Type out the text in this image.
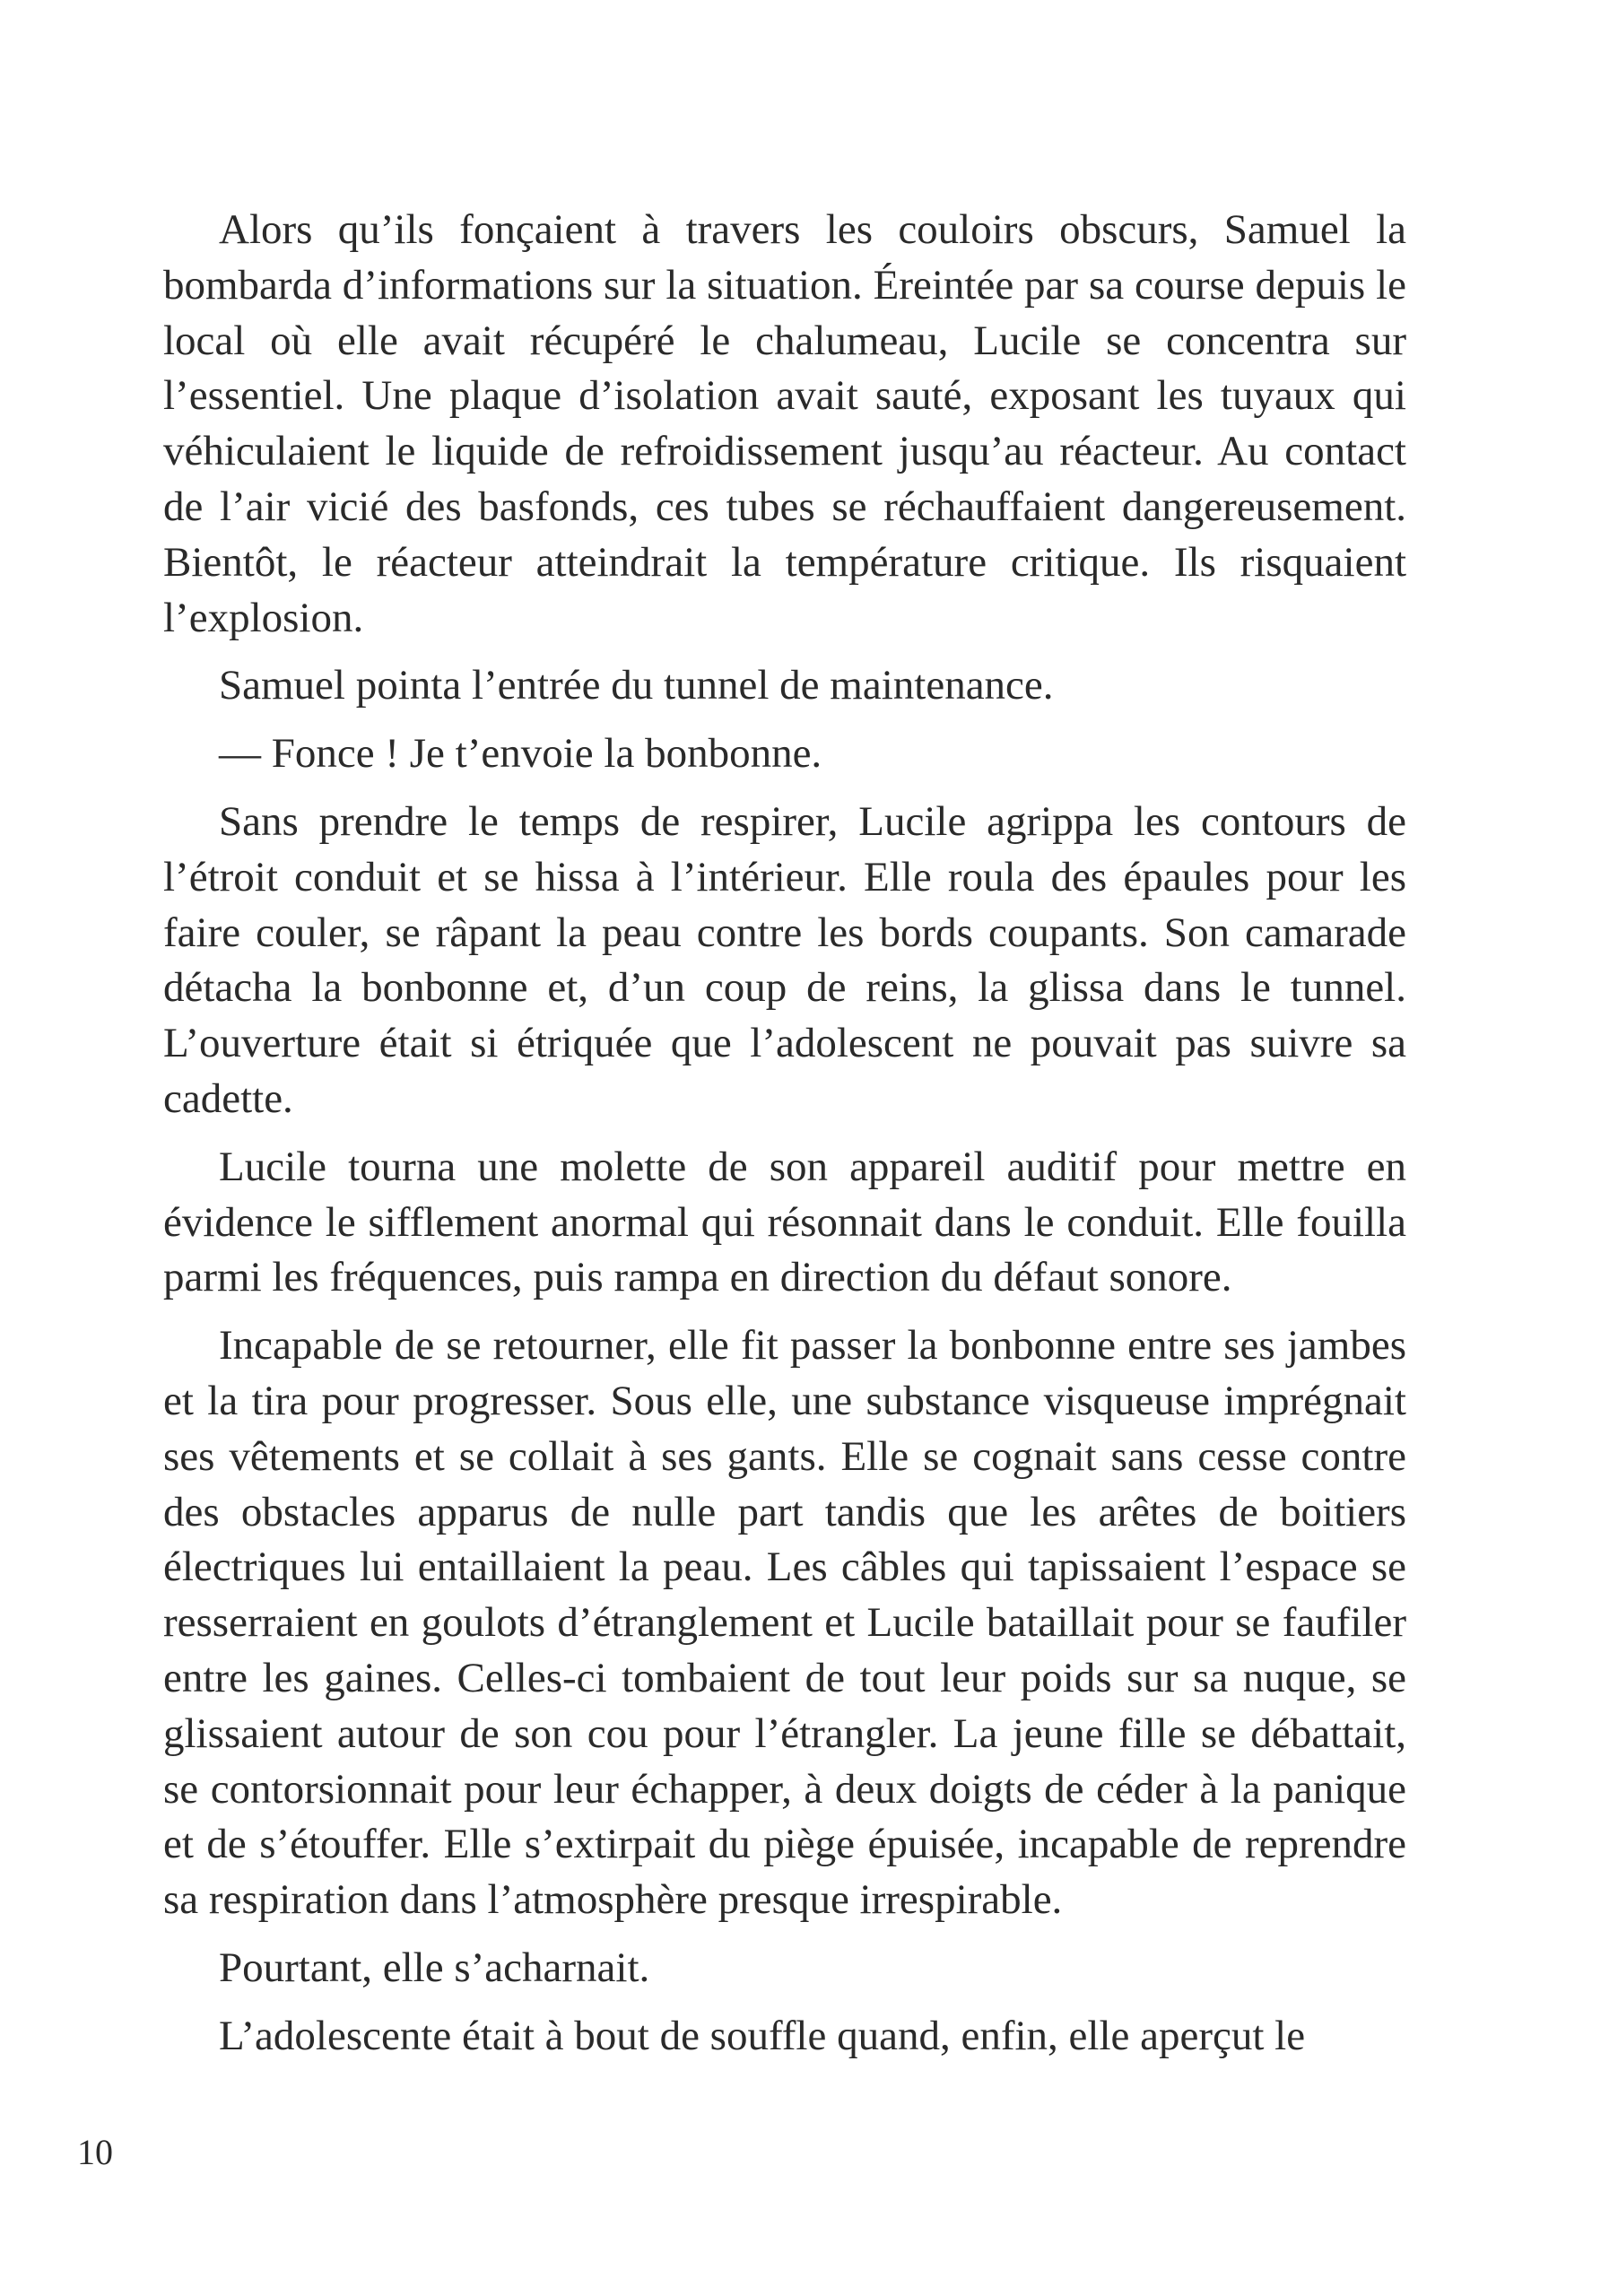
Alors qu’ils fonçaient à travers les couloirs obscurs, Samuel la bombarda d’informations sur la situation. Éreintée par sa course depuis le local où elle avait récupéré le chalumeau, Lucile se concentra sur l’essentiel. Une plaque d’isolation avait sauté, exposant les tuyaux qui véhiculaient le liquide de refroidissement jusqu’au réacteur. Au contact de l’air vicié des basfonds, ces tubes se réchauffaient dangereusement. Bientôt, le réacteur atteindrait la température critique. Ils risquaient l’explosion.

Samuel pointa l’entrée du tunnel de maintenance.

— Fonce ! Je t’envoie la bonbonne.

Sans prendre le temps de respirer, Lucile agrippa les contours de l’étroit conduit et se hissa à l’intérieur. Elle roula des épaules pour les faire couler, se râpant la peau contre les bords coupants. Son camarade détacha la bonbonne et, d’un coup de reins, la glissa dans le tunnel. L’ouverture était si étriquée que l’adolescent ne pouvait pas suivre sa cadette.

Lucile tourna une molette de son appareil auditif pour mettre en évidence le sifflement anormal qui résonnait dans le conduit. Elle fouilla parmi les fréquences, puis rampa en direction du défaut sonore.

Incapable de se retourner, elle fit passer la bonbonne entre ses jambes et la tira pour progresser. Sous elle, une substance visqueuse imprégnait ses vêtements et se collait à ses gants. Elle se cognait sans cesse contre des obstacles apparus de nulle part tandis que les arêtes de boitiers électriques lui entaillaient la peau. Les câbles qui tapissaient l’espace se resserraient en goulots d’étranglement et Lucile bataillait pour se faufiler entre les gaines. Celles-ci tombaient de tout leur poids sur sa nuque, se glissaient autour de son cou pour l’étrangler. La jeune fille se débattait, se contorsionnait pour leur échapper, à deux doigts de céder à la panique et de s’étouffer. Elle s’extirpait du piège épuisée, incapable de reprendre sa respiration dans l’atmosphère presque irrespirable.

Pourtant, elle s’acharnait.

L’adolescente était à bout de souffle quand, enfin, elle aperçut le

10
